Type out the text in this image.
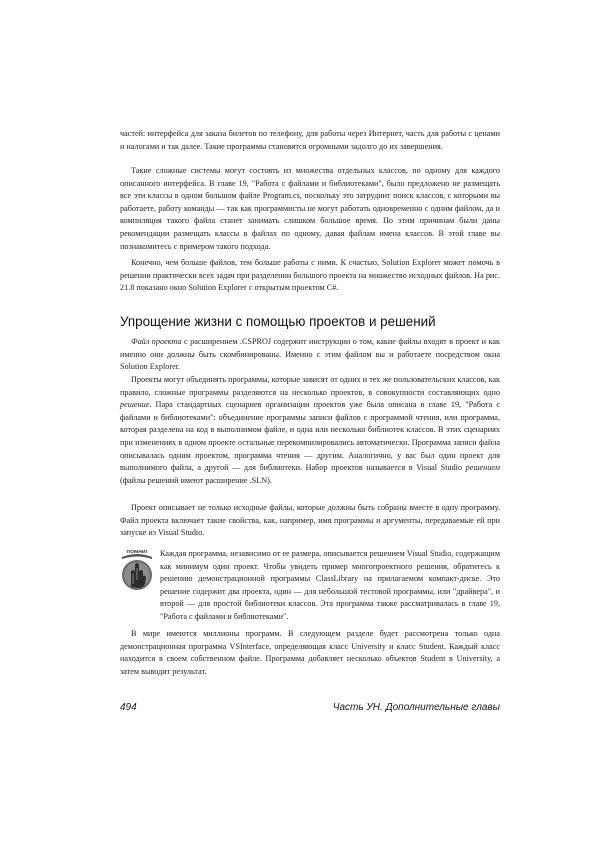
частей: интерфейса для заказа билетов по телефону, для работы через Интернет, часть для работы с ценами и налогами и так далее. Такие программы становятся огромными задолго до их завершения.

Такие сложные системы могут состоять из множества отдельных классов, по одному для каждого описанного интерфейса. В главе 19, "Работа с файлами и библиотеками", было предложено не размещать все эти классы в одном большом файле Program.cs, поскольку это затруднит поиск классов, с которыми вы работаете, работу команды — так как программисты не могут работать одновременно с одним файлом, да и компиляция такого файла станет занимать слишком большое время. По этим причинам были даны рекомендации размещать классы в файлах по одному, давая файлам имена классов. В этой главе вы познакомитесь с примером такого подхода.

Конечно, чем больше файлов, тем больше работы с ними. К счастью, Solution Explorer может помочь в решении практически всех задач при разделении большого проекта на множество исходных файлов. На рис. 21.8 показано окно Solution Explorer с открытым проектом C#.

Упрощение жизни с помощью проектов и решений

Файл проекта с расширением .CSPROJ содержит инструкции о том, какие файлы входят в проект и как именно они должны быть скомбинированы. Именно с этим файлом вы и работаете посредством окна Solution Explorer.

Проекты могут объединять программы, которые зависят от одних и тех же пользовательских классов, как правило, сложные программы разделяются на несколько проектов, в совокупности составляющих одно решение. Пара стандартных сценариев организации проектов уже была описана в главе 19, "Работа с файлами и библиотеками": объединение программы записи файлов с программой чтения, или программа, которая разделена на код в выполнимом файле, и одна или несколько библиотек классов. В этих сценариях при изменениях в одном проекте остальные перекомпилировались автоматически. Программа записи файла описывалась одним проектом, программа чтения — другим. Аналогично, у вас был один проект для выполнимого файла, а другой — для библиотеки. Набор проектов называется в Visual Studio решением (файлы решений имеют расширение .SLN).

Проект описывает не только исходные файлы, которые должны быть собраны вместе в одну программу. Файл проекта включает такие свойства, как, например, имя программы и аргументы, передаваемые ей при запуске из Visual Studio.

ПОМНИ!	Каждая программа, независимо от ее размера, описывается решением Visual Studio, содержащим как минимум один проект. Чтобы увидеть пример многопроектного решения, обратитесь к решению демонстрационной программы ClassLibrary на прилагаемом компакт-диске. Это решение содержит два проекта, один — для небольшой тестовой программы, или "драйвера", и второй — для простой библиотеки классов. Эта программа также рассматривалась в главе 19, "Работа с файлами и библиотеками".

В мире имеются миллионы программ. В следующем разделе будет рассмотрена только одна демонстрационная программа VSInterface, определяющая класс University и класс Student. Каждый класс находится в своем собственном файле. Программа добавляет несколько объектов Student в University, а затем выводит результат.

494	Часть УН. Дополнительные главы
